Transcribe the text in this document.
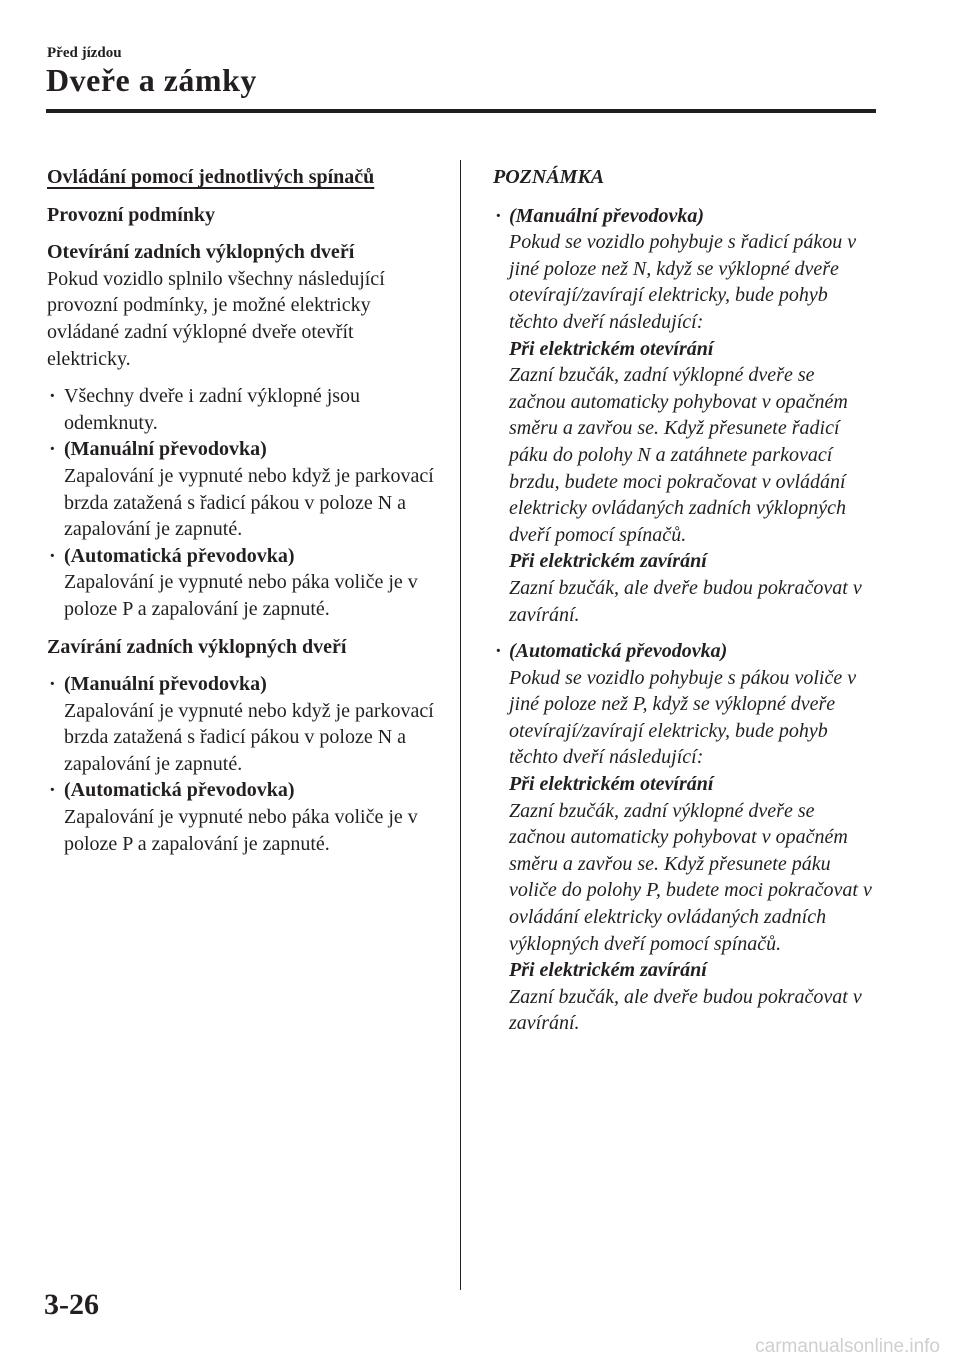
Před jízdou
Dveře a zámky
Ovládání pomocí jednotlivých spínačů
Provozní podmínky
Otevírání zadních výklopných dveří
Pokud vozidlo splnilo všechny následující provozní podmínky, je možné elektricky ovládané zadní výklopné dveře otevřít elektricky.
· Všechny dveře i zadní výklopné jsou odemknuty.
· (Manuální převodovka)
Zapalování je vypnuté nebo když je parkovací brzda zatažená s řadicí pákou v poloze N a zapalování je zapnuté.
· (Automatická převodovka)
Zapalování je vypnuté nebo páka voliče je v poloze P a zapalování je zapnuté.
Zavírání zadních výklopných dveří
· (Manuální převodovka)
Zapalování je vypnuté nebo když je parkovací brzda zatažená s řadicí pákou v poloze N a zapalování je zapnuté.
· (Automatická převodovka)
Zapalování je vypnuté nebo páka voliče je v poloze P a zapalování je zapnuté.
POZNÁMKA
· (Manuální převodovka)
Pokud se vozidlo pohybuje s řadicí pákou v jiné poloze než N, když se výklopné dveře otevírají/zavírají elektricky, bude pohyb těchto dveří následující:
Při elektrickém otevírání
Zazní bzučák, zadní výklopné dveře se začnou automaticky pohybovat v opačném směru a zavřou se. Když přesunete řadicí páku do polohy N a zatáhnete parkovací brzdu, budete moci pokračovat v ovládání elektricky ovládaných zadních výklopných dveří pomocí spínačů.
Při elektrickém zavírání
Zazní bzučák, ale dveře budou pokračovat v zavírání.
· (Automatická převodovka)
Pokud se vozidlo pohybuje s pákou voliče v jiné poloze než P, když se výklopné dveře otevírají/zavírají elektricky, bude pohyb těchto dveří následující:
Při elektrickém otevírání
Zazní bzučák, zadní výklopné dveře se začnou automaticky pohybovat v opačném směru a zavřou se. Když přesunete páku voliče do polohy P, budete moci pokračovat v ovládání elektricky ovládaných zadních výklopných dveří pomocí spínačů.
Při elektrickém zavírání
Zazní bzučák, ale dveře budou pokračovat v zavírání.
3-26
carmanualsonline.info
